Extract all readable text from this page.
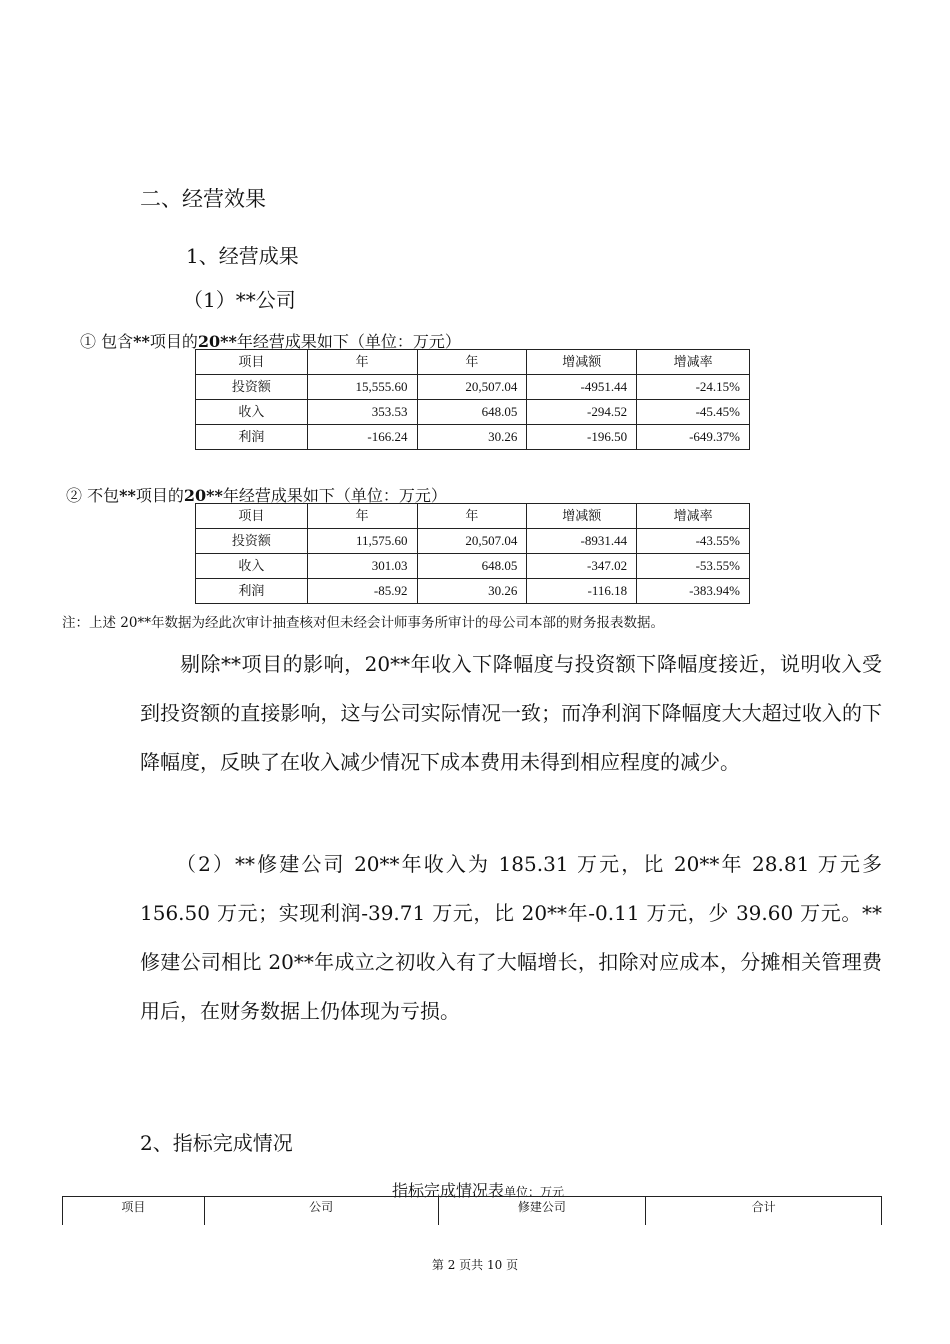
二、经营效果
1、经营成果
（1）**公司
① 包含**项目的20**年经营成果如下（单位：万元）
项目	年	年	增减额	增减率
投资额	15,555.60	20,507.04	-4951.44	-24.15%
收入	353.53	648.05	-294.52	-45.45%
利润	-166.24	30.26	-196.50	-649.37%
② 不包**项目的20**年经营成果如下（单位：万元）
项目	年	年	增减额	增减率
投资额	11,575.60	20,507.04	-8931.44	-43.55%
收入	301.03	648.05	-347.02	-53.55%
利润	-85.92	30.26	-116.18	-383.94%
注：上述 20**年数据为经此次审计抽查核对但未经会计师事务所审计的母公司本部的财务报表数据。
剔除**项目的影响，20**年收入下降幅度与投资额下降幅度接近，说明收入受到投资额的直接影响，这与公司实际情况一致；而净利润下降幅度大大超过收入的下降幅度，反映了在收入减少情况下成本费用未得到相应程度的减少。
（2）**修建公司 20**年收入为 185.31 万元，比 20**年 28.81 万元多 156.50 万元；实现利润-39.71 万元，比 20**年-0.11 万元，少 39.60 万元。**修建公司相比 20**年成立之初收入有了大幅增长，扣除对应成本，分摊相关管理费用后，在财务数据上仍体现为亏损。
2、指标完成情况
指标完成情况表单位：万元
项目	公司	修建公司	合计
第 2 页共 10 页
